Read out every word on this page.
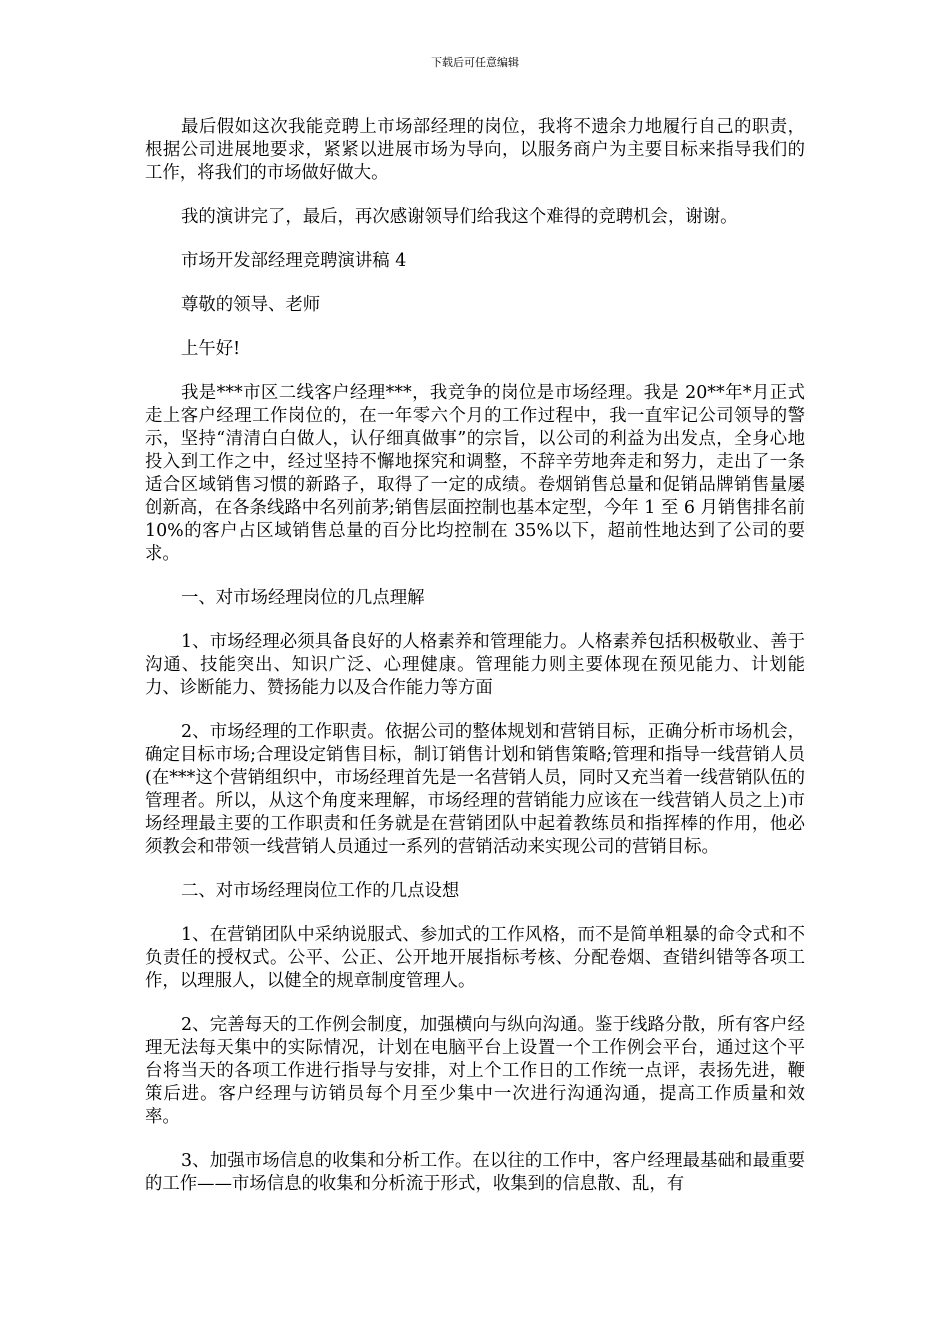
下载后可任意编辑

最后假如这次我能竞聘上市场部经理的岗位，我将不遗余力地履行自己的职责，根据公司进展地要求，紧紧以进展市场为导向，以服务商户为主要目标来指导我们的工作，将我们的市场做好做大。

我的演讲完了，最后，再次感谢领导们给我这个难得的竞聘机会，谢谢。

市场开发部经理竞聘演讲稿 4

尊敬的领导、老师

上午好!

我是***市区二线客户经理***，我竞争的岗位是市场经理。我是 20**年*月正式走上客户经理工作岗位的，在一年零六个月的工作过程中，我一直牢记公司领导的警示，坚持“清清白白做人，认仔细真做事”的宗旨，以公司的利益为出发点，全身心地投入到工作之中，经过坚持不懈地探究和调整，不辞辛劳地奔走和努力，走出了一条适合区域销售习惯的新路子，取得了一定的成绩。卷烟销售总量和促销品牌销售量屡创新高，在各条线路中名列前茅;销售层面控制也基本定型，今年 1 至 6 月销售排名前 10%的客户占区域销售总量的百分比均控制在 35%以下，超前性地达到了公司的要求。

一、对市场经理岗位的几点理解

1、市场经理必须具备良好的人格素养和管理能力。人格素养包括积极敬业、善于沟通、技能突出、知识广泛、心理健康。管理能力则主要体现在预见能力、计划能力、诊断能力、赞扬能力以及合作能力等方面

2、市场经理的工作职责。依据公司的整体规划和营销目标，正确分析市场机会，确定目标市场;合理设定销售目标，制订销售计划和销售策略;管理和指导一线营销人员(在***这个营销组织中，市场经理首先是一名营销人员，同时又充当着一线营销队伍的管理者。所以，从这个角度来理解，市场经理的营销能力应该在一线营销人员之上)市场经理最主要的工作职责和任务就是在营销团队中起着教练员和指挥棒的作用，他必须教会和带领一线营销人员通过一系列的营销活动来实现公司的营销目标。

二、对市场经理岗位工作的几点设想

1、在营销团队中采纳说服式、参加式的工作风格，而不是简单粗暴的命令式和不负责任的授权式。公平、公正、公开地开展指标考核、分配卷烟、查错纠错等各项工作，以理服人，以健全的规章制度管理人。

2、完善每天的工作例会制度，加强横向与纵向沟通。鉴于线路分散，所有客户经理无法每天集中的实际情况，计划在电脑平台上设置一个工作例会平台，通过这个平台将当天的各项工作进行指导与安排，对上个工作日的工作统一点评，表扬先进，鞭策后进。客户经理与访销员每个月至少集中一次进行沟通沟通，提高工作质量和效率。

3、加强市场信息的收集和分析工作。在以往的工作中，客户经理最基础和最重要的工作——市场信息的收集和分析流于形式，收集到的信息散、乱，有
